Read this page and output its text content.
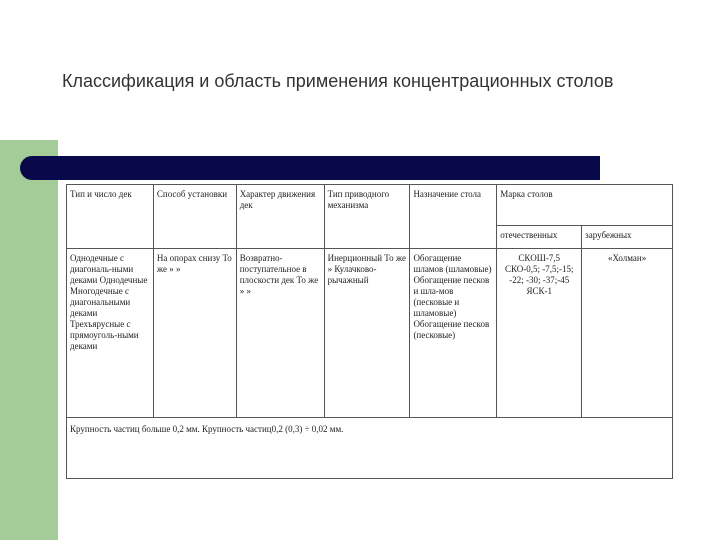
Классификация и область применения концентрационных столов
Тип и число дек	Способ установки	Характер движения дек	Тип приводного механизма	Назначение стола	Марка столов	
					отечественных	зарубежных
Однодечные с диагональ-ными деками Однодечные Многодечные с диагональными деками Трехъярусные с прямоуголь-ными деками	На опорах снизу То же » »	Возвратно-поступательное в плоскости дек То же » »	Инерционный То же » Кулачково-рычажный	Обогащение шламов (шламовые) Обогащение песков и шла-мов (песковые и шламовые) Обогащение песков (песковые)	СКОШ-7,5 СКО-0,5; -7,5;-15; -22; -30; -37;-45 ЯСК-1	«Холман»
Крупность частиц больше 0,2 мм. Крупность частиц0,2 (0,3) ÷ 0,02 мм.						
